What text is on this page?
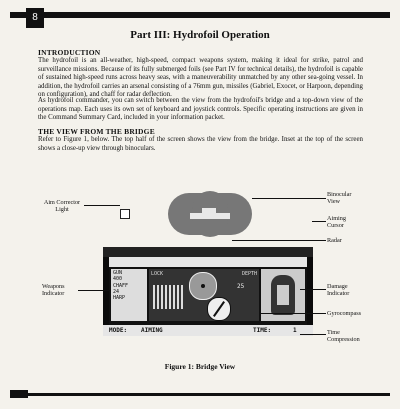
8
Part III: Hydrofoil Operation
INTRODUCTION

The hydrofoil is an all-weather, high-speed, compact weapons system, making it ideal for strike, patrol and surveillance missions. Because of its fully submerged foils (see Part IV for technical details), the hydrofoil is capable of sustained high-speed runs across heavy seas, with a maneuverability unmatched by any other sea-going vessel. In addition, the hydrofoil carries an arsenal consisting of a 76mm gun, missiles (Gabriel, Exocet, or Harpoon, depending on configuration), and chaff for radar deflection.

As hydrofoil commander, you can switch between the view from the hydrofoil's bridge and a top-down view of the operations map. Each uses its own set of keyboard and joystick controls. Specific operating instructions are given in the Command Summary Card, included in your information packet.

THE VIEW FROM THE BRIDGE

Refer to Figure 1, below. The top half of the screen shows the view from the bridge. Inset at the top of the screen shows a close-up view through binoculars.

GUN
400
CHAFF
24
HARP
LOCK	DEPTH
25
MODE: AIMING	TIME:	1
Aim Corrector
Light
Weapons
Indicator
Binocular
View
Aiming
Cursor
Radar
Damage
Indicator
Gyrocompass
Time
Compression
Figure 1: Bridge View
